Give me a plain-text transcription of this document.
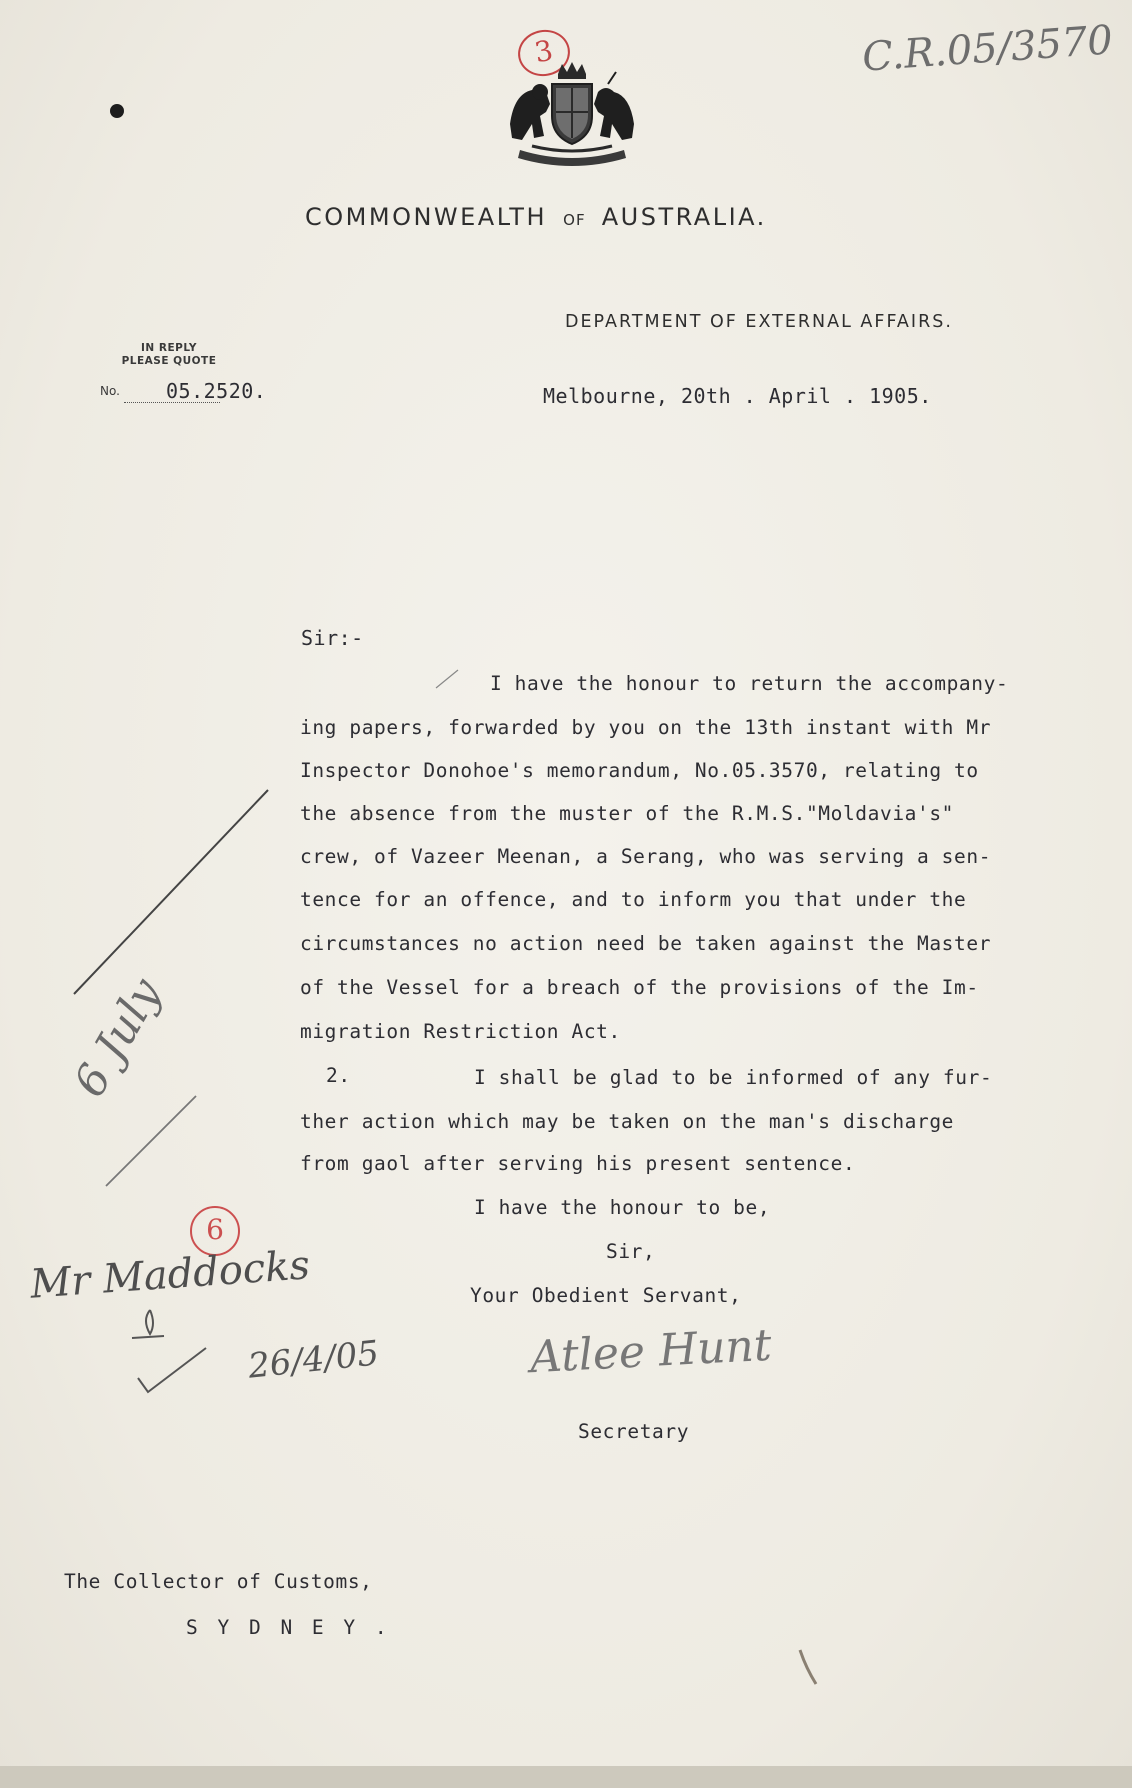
C.R.05/3570
3
COMMONWEALTH OF AUSTRALIA.
DEPARTMENT OF EXTERNAL AFFAIRS.
IN REPLY
PLEASE QUOTE
No. 05.2520.	Melbourne, 20th . April . 1905.
Sir:-
I have the honour to return the accompany-
ing papers, forwarded by you on the 13th instant with Mr
Inspector Donohoe's memorandum, No.05.3570, relating to
the absence from the muster of the R.M.S."Moldavia's"
crew, of Vazeer Meenan, a Serang, who was serving a sen-
tence for an offence, and to inform you that under the
circumstances no action need be taken against the Master
of the Vessel for a breach of the provisions of the Im-
migration Restriction Act.
2.	I shall be glad to be informed of any fur-
ther action which may be taken on the man's discharge
from gaol after serving his present sentence.
I have the honour to be,
Sir,
Your Obedient Servant,
Atlee Hunt
Secretary
The Collector of Customs,
S Y D N E Y .
6 July
6
Mr Maddocks
26/4/05
